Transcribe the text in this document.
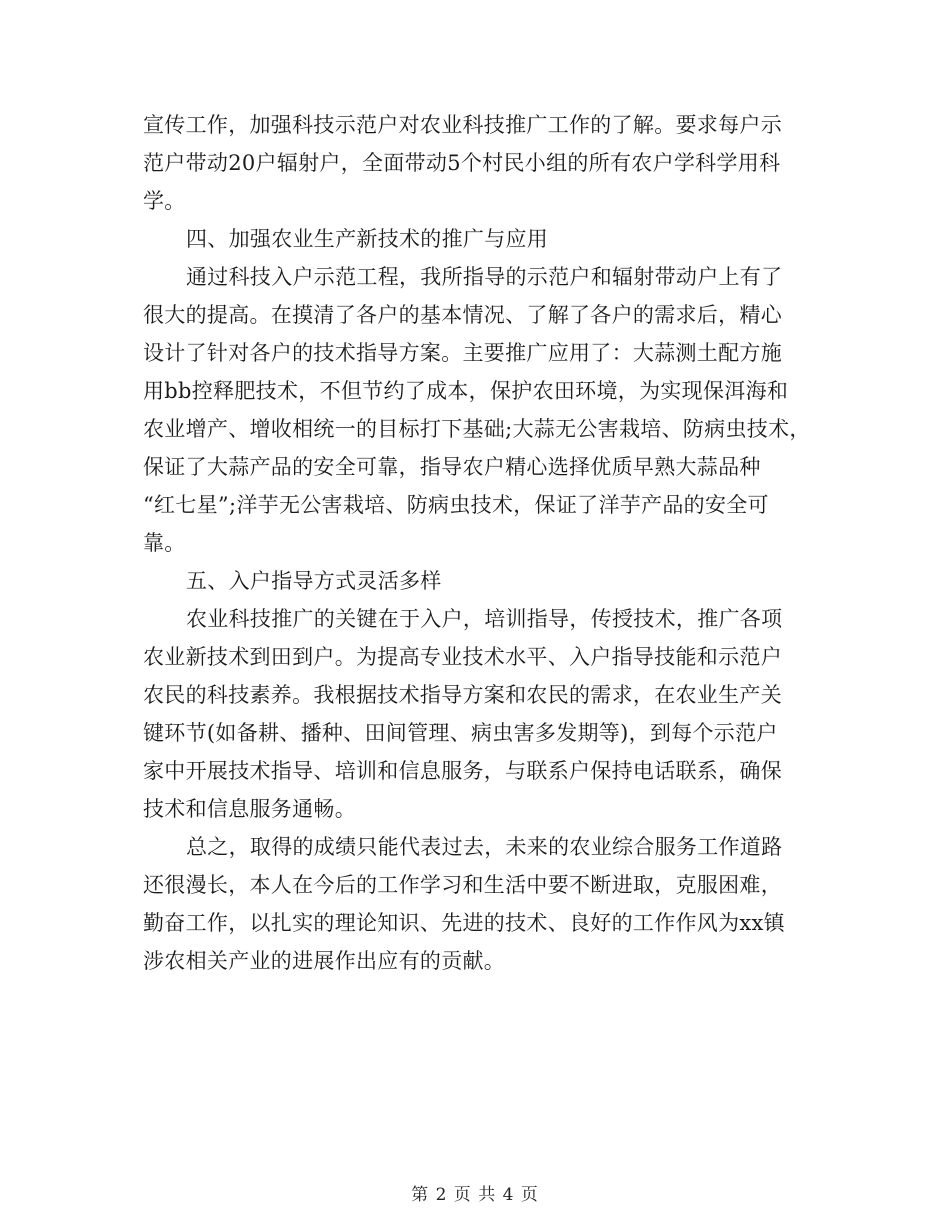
宣传工作，加强科技示范户对农业科技推广工作的了解。要求每户示
范户带动20户辐射户，全面带动5个村民小组的所有农户学科学用科
学。
四、加强农业生产新技术的推广与应用
通过科技入户示范工程，我所指导的示范户和辐射带动户上有了
很大的提高。在摸清了各户的基本情况、了解了各户的需求后，精心
设计了针对各户的技术指导方案。主要推广应用了：大蒜测土配方施
用bb控释肥技术，不但节约了成本，保护农田环境，为实现保洱海和
农业增产、增收相统一的目标打下基础;大蒜无公害栽培、防病虫技术，
保证了大蒜产品的安全可靠，指导农户精心选择优质早熟大蒜品种
“红七星”;洋芋无公害栽培、防病虫技术，保证了洋芋产品的安全可
靠。
五、入户指导方式灵活多样
农业科技推广的关键在于入户，培训指导，传授技术，推广各项
农业新技术到田到户。为提高专业技术水平、入户指导技能和示范户
农民的科技素养。我根据技术指导方案和农民的需求，在农业生产关
键环节(如备耕、播种、田间管理、病虫害多发期等)，到每个示范户
家中开展技术指导、培训和信息服务，与联系户保持电话联系，确保
技术和信息服务通畅。
总之，取得的成绩只能代表过去，未来的农业综合服务工作道路
还很漫长，本人在今后的工作学习和生活中要不断进取，克服困难，
勤奋工作，以扎实的理论知识、先进的技术、良好的工作作风为xx镇
涉农相关产业的进展作出应有的贡献。
第 2 页 共 4 页
